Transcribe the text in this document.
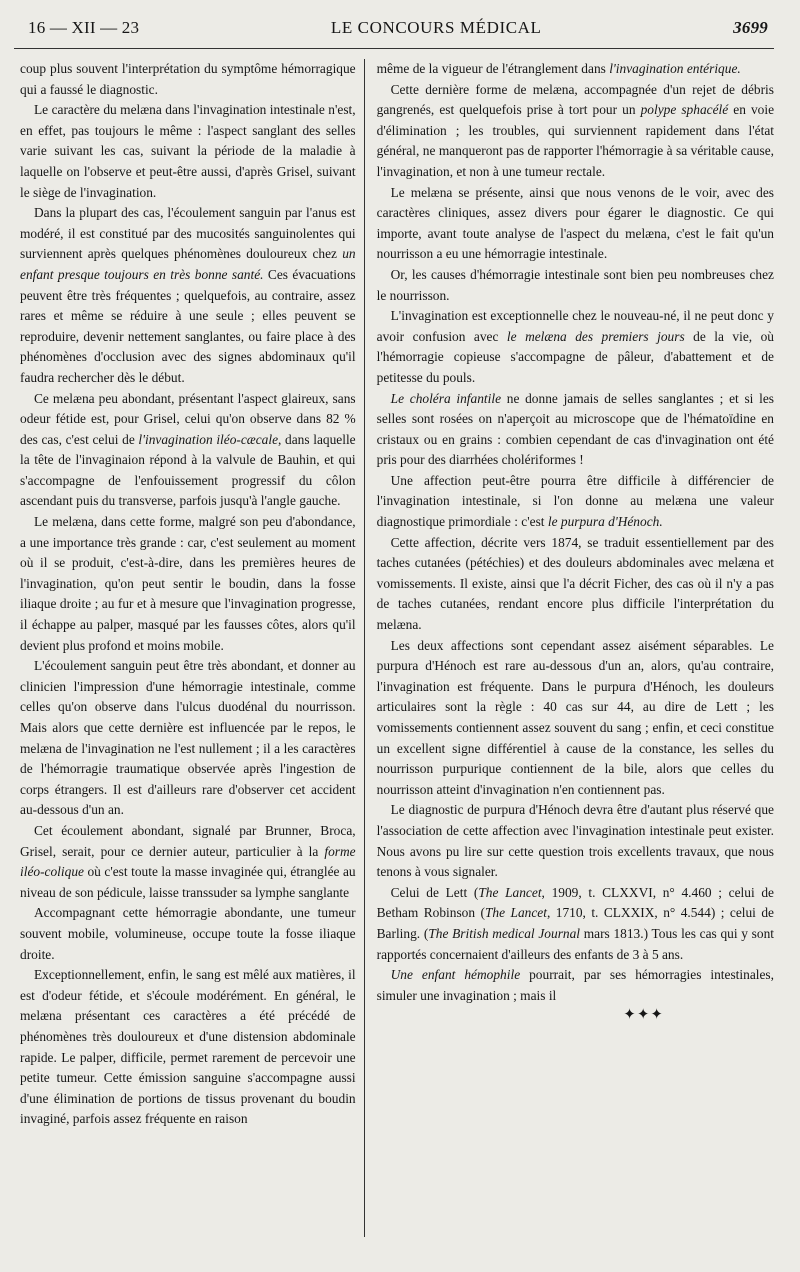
16 — XII — 23	LE CONCOURS MÉDICAL	3699

coup plus souvent l'interprétation du symptôme hémorragique qui a faussé le diagnostic.

Le caractère du melæna dans l'invagination intestinale n'est, en effet, pas toujours le même : l'aspect sanglant des selles varie suivant les cas, suivant la période de la maladie à laquelle on l'observe et peut-être aussi, d'après Grisel, suivant le siège de l'invagination.

Dans la plupart des cas, l'écoulement sanguin par l'anus est modéré, il est constitué par des mucosités sanguinolentes qui surviennent après quelques phénomènes douloureux chez un enfant presque toujours en très bonne santé. Ces évacuations peuvent être très fréquentes ; quelquefois, au contraire, assez rares et même se réduire à une seule ; elles peuvent se reproduire, devenir nettement sanglantes, ou faire place à des phénomènes d'occlusion avec des signes abdominaux qu'il faudra rechercher dès le début.

Ce melæna peu abondant, présentant l'aspect glaireux, sans odeur fétide est, pour Grisel, celui qu'on observe dans 82 % des cas, c'est celui de l'invagination iléo-cæcale, dans laquelle la tête de l'invaginaion répond à la valvule de Bauhin, et qui s'accompagne de l'enfouissement progressif du côlon ascendant puis du transverse, parfois jusqu'à l'angle gauche.

Le melæna, dans cette forme, malgré son peu d'abondance, a une importance très grande : car, c'est seulement au moment où il se produit, c'est-à-dire, dans les premières heures de l'invagination, qu'on peut sentir le boudin, dans la fosse iliaque droite ; au fur et à mesure que l'invagination progresse, il échappe au palper, masqué par les fausses côtes, alors qu'il devient plus profond et moins mobile.

L'écoulement sanguin peut être très abondant, et donner au clinicien l'impression d'une hémorragie intestinale, comme celles qu'on observe dans l'ulcus duodénal du nourrisson. Mais alors que cette dernière est influencée par le repos, le melæna de l'invagination ne l'est nullement ; il a les caractères de l'hémorragie traumatique observée après l'ingestion de corps étrangers. Il est d'ailleurs rare d'observer cet accident au-dessous d'un an.

Cet écoulement abondant, signalé par Brunner, Broca, Grisel, serait, pour ce dernier auteur, particulier à la forme iléo-colique où c'est toute la masse invaginée qui, étranglée au niveau de son pédicule, laisse transsuder sa lymphe sanglante

Accompagnant cette hémorragie abondante, une tumeur souvent mobile, volumineuse, occupe toute la fosse iliaque droite.

Exceptionnellement, enfin, le sang est mêlé aux matières, il est d'odeur fétide, et s'écoule modérément. En général, le melæna présentant ces caractères a été précédé de phénomènes très douloureux et d'une distension abdominale rapide. Le palper, difficile, permet rarement de percevoir une petite tumeur. Cette émission sanguine s'accompagne aussi d'une élimination de portions de tissus provenant du boudin invaginé, parfois assez fréquente en raison

même de la vigueur de l'étranglement dans l'invagination entérique.

Cette dernière forme de melæna, accompagnée d'un rejet de débris gangrenés, est quelquefois prise à tort pour un polype sphacélé en voie d'élimination ; les troubles, qui surviennent rapidement dans l'état général, ne manqueront pas de rapporter l'hémorragie à sa véritable cause, l'invagination, et non à une tumeur rectale.

Le melæna se présente, ainsi que nous venons de le voir, avec des caractères cliniques, assez divers pour égarer le diagnostic. Ce qui importe, avant toute analyse de l'aspect du melæna, c'est le fait qu'un nourrisson a eu une hémorragie intestinale.

Or, les causes d'hémorragie intestinale sont bien peu nombreuses chez le nourrisson.

L'invagination est exceptionnelle chez le nouveau-né, il ne peut donc y avoir confusion avec le melæna des premiers jours de la vie, où l'hémorragie copieuse s'accompagne de pâleur, d'abattement et de petitesse du pouls.

Le choléra infantile ne donne jamais de selles sanglantes ; et si les selles sont rosées on n'aperçoit au microscope que de l'hématoïdine en cristaux ou en grains : combien cependant de cas d'invagination ont été pris pour des diarrhées cholériformes !

Une affection peut-être pourra être difficile à différencier de l'invagination intestinale, si l'on donne au melæna une valeur diagnostique primordiale : c'est le purpura d'Hénoch.

Cette affection, décrite vers 1874, se traduit essentiellement par des taches cutanées (pétéchies) et des douleurs abdominales avec melæna et vomissements. Il existe, ainsi que l'a décrit Ficher, des cas où il n'y a pas de taches cutanées, rendant encore plus difficile l'interprétation du melæna.

Les deux affections sont cependant assez aisément séparables. Le purpura d'Hénoch est rare au-dessous d'un an, alors, qu'au contraire, l'invagination est fréquente. Dans le purpura d'Hénoch, les douleurs articulaires sont la règle : 40 cas sur 44, au dire de Lett ; les vomissements contiennent assez souvent du sang ; enfin, et ceci constitue un excellent signe différentiel à cause de la constance, les selles du nourrisson purpurique contiennent de la bile, alors que celles du nourrisson atteint d'invagination n'en contiennent pas.

Le diagnostic de purpura d'Hénoch devra être d'autant plus réservé que l'association de cette affection avec l'invagination intestinale peut exister. Nous avons pu lire sur cette question trois excellents travaux, que nous tenons à vous signaler.

Celui de Lett (The Lancet, 1909, t. CLXXVI, n° 4.460 ; celui de Betham Robinson (The Lancet, 1710, t. CLXXIX, n° 4.544) ; celui de Barling. (The British medical Journal mars 1813.) Tous les cas qui y sont rapportés concernaient d'ailleurs des enfants de 3 à 5 ans.

Une enfant hémophile pourrait, par ses hémorragies intestinales, simuler une invagination ; mais il

✦✦✦
